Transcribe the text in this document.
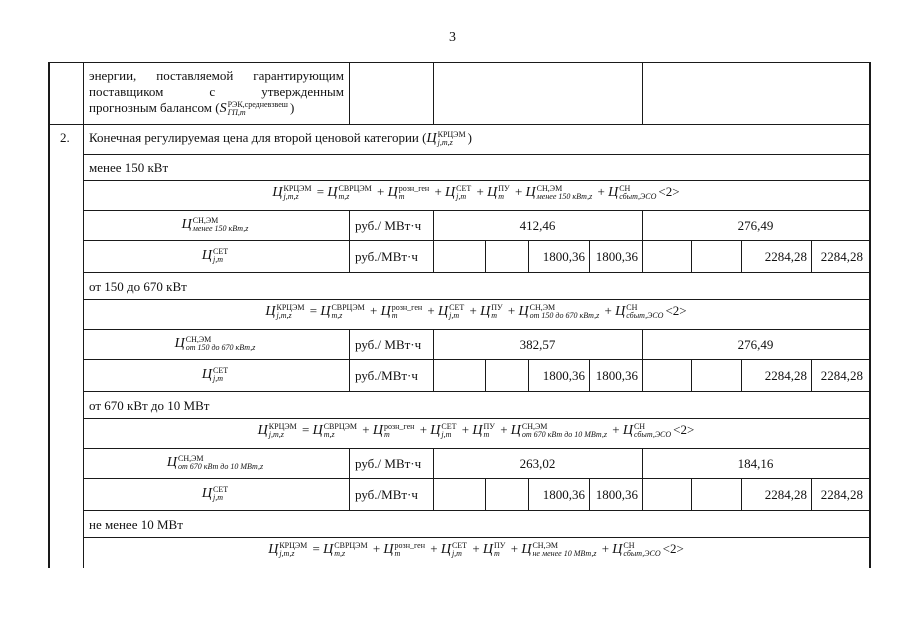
3
энергии, поставляемой гарантирующим
поставщиком с утвержденным
прогнозным балансом (S РЭК,средневзвеш
ГП,m	)
2.	Конечная регулируемая цена для второй ценовой категории (Ц КРЦЭМ
j,m,z	)
менее 150 кВт
Ц КРЦЭМ
j,m,z	= Ц СВРЦЭМ
m,z	+ Ц розн_ген
m	+ Ц СЕТ
j,m + Ц ПУ
m + Ц СН,ЭМ
менее 150 кВт,z + Ц СН
сбыт,ЭСО <2>
Ц СН,ЭМ
менее 150 кВт,z	руб./ МВт·ч	412,46	276,49
Ц СЕТ
j,m	руб./МВт·ч	1800,36 1800,36	2284,28	2284,28
от 150 до 670 кВт
Ц КРЦЭМ
j,m,z	= Ц СВРЦЭМ
m,z	+ Ц розн_ген
m	+ Ц СЕТ
j,m + Ц ПУ
m + Ц СН,ЭМ
от 150 до 670 кВт,z + Ц СН
сбыт,ЭСО <2>
Ц СН,ЭМ
от 150 до 670 кВт,z	руб./ МВт·ч	382,57	276,49
Ц СЕТ
j,m	руб./МВт·ч	1800,36 1800,36	2284,28	2284,28
от 670 кВт до 10 МВт
Ц КРЦЭМ
j,m,z	= Ц СВРЦЭМ
m,z	+ Ц розн_ген
m	+ Ц СЕТ
j,m + Ц ПУ
m + Ц СН,ЭМ
от 670 кВт до 10 МВт,z + Ц СН
сбыт,ЭСО <2>
Ц СН,ЭМ
от 670 кВт до 10 МВт,z	руб./ МВт·ч	263,02	184,16
Ц СЕТ
j,m	руб./МВт·ч	1800,36 1800,36	2284,28	2284,28
не менее 10 МВт
Ц КРЦЭМ
j,m,z	= Ц СВРЦЭМ
m,z	+ Ц розн_ген
m	+ Ц СЕТ
j,m + Ц ПУ
m + Ц СН,ЭМ
не менее 10 МВт,z + Ц СН
сбыт,ЭСО <2>
